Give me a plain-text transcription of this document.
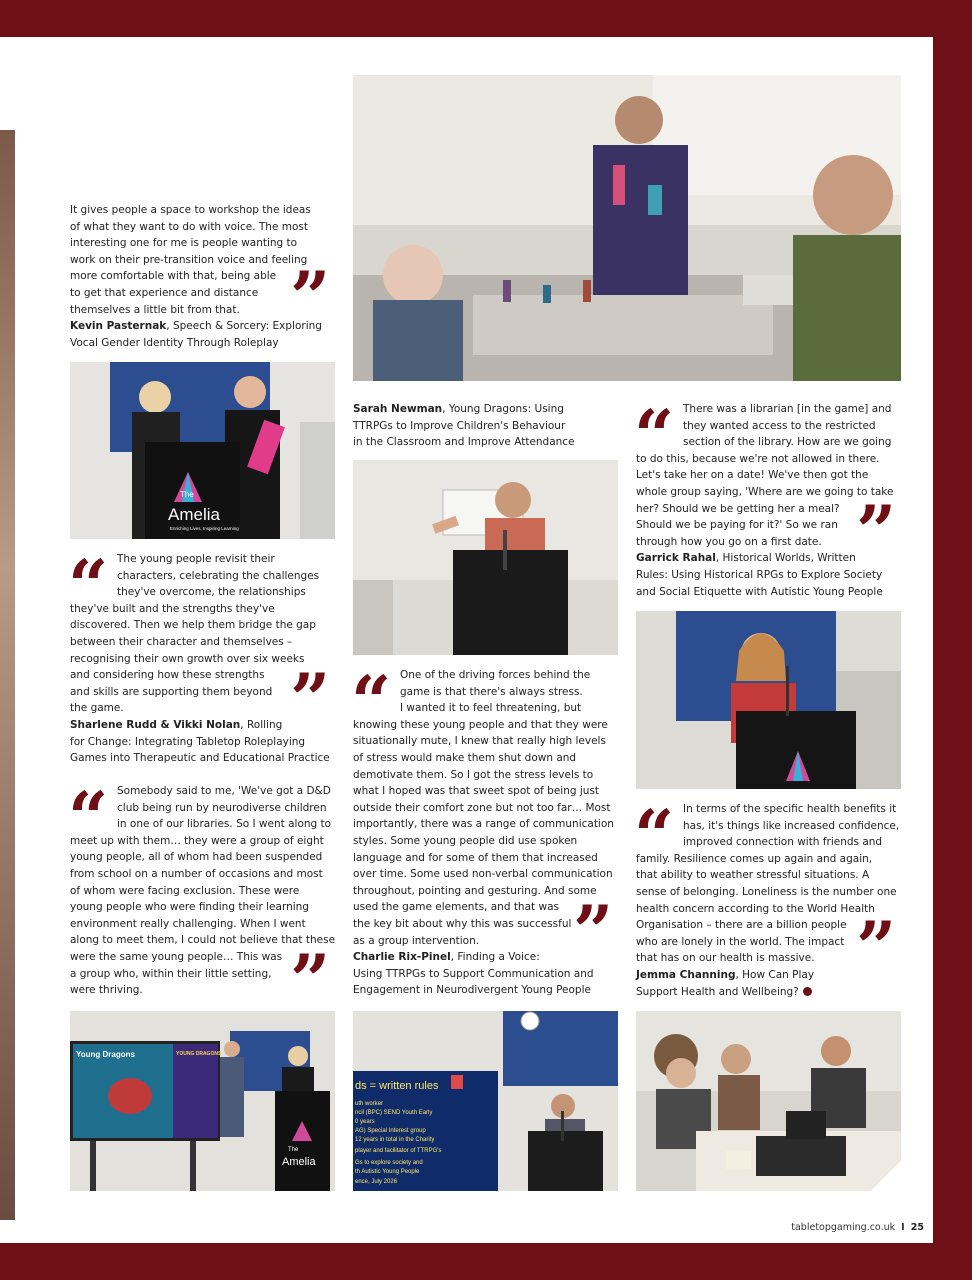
It gives people a space to workshop the ideas
of what they want to do with voice. The most
interesting one for me is people wanting to
work on their pre-transition voice and feeling
more comfortable with that, being able
to get that experience and distance
themselves a little bit from that.
Kevin Pasternak, Speech & Sorcery: Exploring
Vocal Gender Identity Through Roleplay
”
The
Amelia
Enriching Lives, Inspiring Learning
“ The young people revisit their
characters, celebrating the challenges
they've overcome, the relationships
they've built and the strengths they've
discovered. Then we help them bridge the gap
between their character and themselves –
recognising their own growth over six weeks
and considering how these strengths
and skills are supporting them beyond
the game.
Sharlene Rudd & Vikki Nolan, Rolling
for Change: Integrating Tabletop Roleplaying
Games into Therapeutic and Educational Practice
”
“ Somebody said to me, 'We've got a D&D
club being run by neurodiverse children
in one of our libraries. So I went along to
meet up with them… they were a group of eight
young people, all of whom had been suspended
from school on a number of occasions and most
of whom were facing exclusion. These were
young people who were finding their learning
environment really challenging. When I went
along to meet them, I could not believe that these
were the same young people… This was
a group who, within their little setting,
were thriving.	”
Young Dragons	YOUNG DRAGONS
The
Amelia
Sarah Newman, Young Dragons: Using
TTRPGs to Improve Children's Behaviour
in the Classroom and Improve Attendance
“ One of the driving forces behind the
game is that there's always stress.
I wanted it to feel threatening, but
knowing these young people and that they were
situationally mute, I knew that really high levels
of stress would make them shut down and
demotivate them. So I got the stress levels to
what I hoped was that sweet spot of being just
outside their comfort zone but not too far… Most
importantly, there was a range of communication
styles. Some young people did use spoken
language and for some of them that increased
over time. Some used non-verbal communication
throughout, pointing and gesturing. And some
used the game elements, and that was
the key bit about why this was successful
as a group intervention.
Charlie Rix-Pinel, Finding a Voice:
Using TTRPGs to Support Communication and
Engagement in Neurodivergent Young People
”
ds = written rules
uth worker
ncil (BPC) SEND Youth Early
0 years
AG) Special Interest group
12 years in total in the Charity
player and facilitator of TTRPG's
Gs to explore society and
th Autistic Young People
ence, July 2026
“ There was a librarian [in the game] and
they wanted access to the restricted
section of the library. How are we going
to do this, because we're not allowed in there.
Let's take her on a date! We've then got the
whole group saying, 'Where are we going to take
her? Should we be getting her a meal?
Should we be paying for it?' So we ran
through how you go on a first date.
Garrick Rahal, Historical Worlds, Written
Rules: Using Historical RPGs to Explore Society
and Social Etiquette with Autistic Young People
”
“ In terms of the specific health benefits it
has, it's things like increased confidence,
improved connection with friends and
family. Resilience comes up again and again,
that ability to weather stressful situations. A
sense of belonging. Loneliness is the number one
health concern according to the World Health
Organisation – there are a billion people
who are lonely in the world. The impact
that has on our health is massive.
Jemma Channing, How Can Play
Support Health and Wellbeing?
”
tabletopgaming.co.uk I 25
